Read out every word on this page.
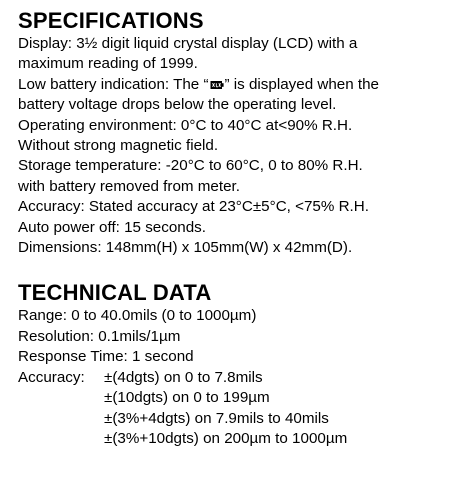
SPECIFICATIONS

Display: 3½ digit liquid crystal display (LCD) with a

maximum reading of 1999.

Low battery indication: The “ ” is displayed when the

battery voltage drops below the operating level.

Operating environment: 0°C to 40°C at<90% R.H.

Without strong magnetic field.

Storage temperature: -20°C to 60°C, 0 to 80% R.H.

with battery removed from meter.

Accuracy: Stated accuracy at 23°C±5°C, <75% R.H.

Auto power off: 15 seconds.

Dimensions: 148mm(H) x 105mm(W) x 42mm(D).

TECHNICAL DATA

Range: 0 to 40.0mils (0 to 1000µm)

Resolution: 0.1mils/1µm

Response Time: 1 second

Accuracy:	±(4dgts) on 0 to 7.8mils
±(10dgts) on 0 to 199µm
±(3%+4dgts) on 7.9mils to 40mils
±(3%+10dgts) on 200µm to 1000µm
